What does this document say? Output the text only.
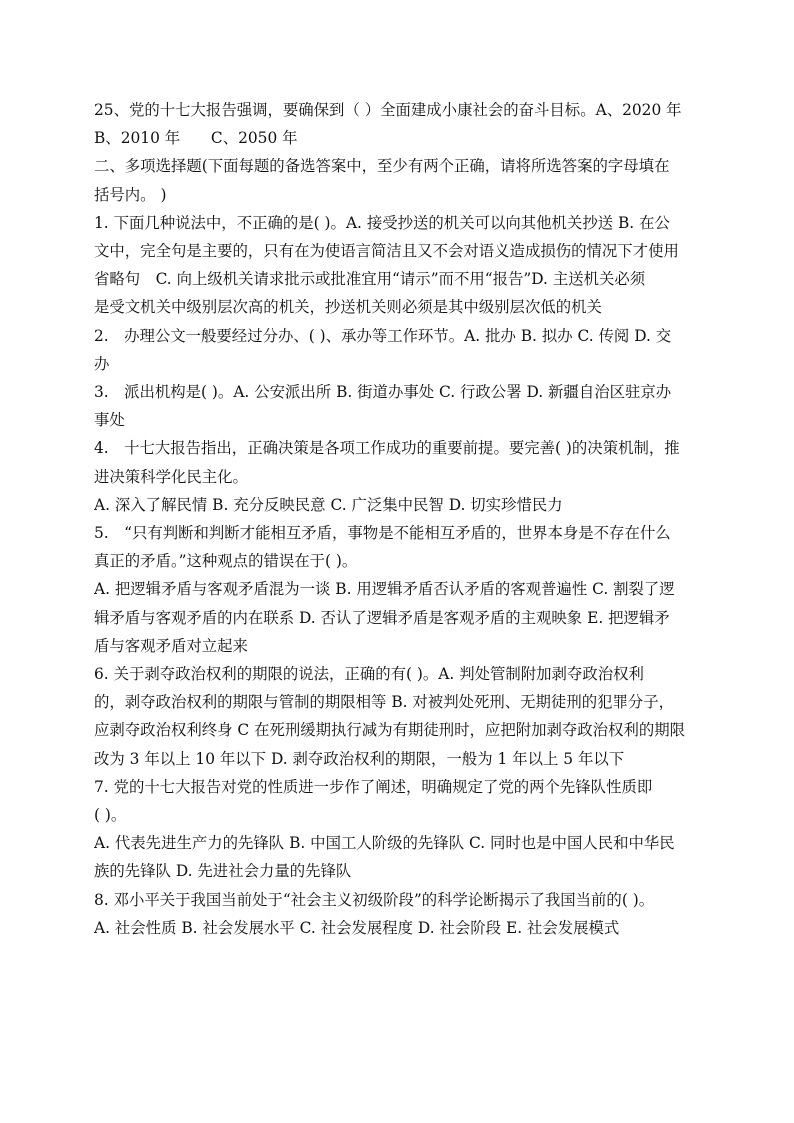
25、党的十七大报告强调，要确保到（ ）全面建成小康社会的奋斗目标。A、2020 年
B、2010 年　　C、2050 年
二、多项选择题(下面每题的备选答案中，至少有两个正确，请将所选答案的字母填在
括号内。 )
1. 下面几种说法中，不正确的是( )。A. 接受抄送的机关可以向其他机关抄送 B. 在公
文中，完全句是主要的，只有在为使语言简洁且又不会对语义造成损伤的情况下才使用
省略句　C. 向上级机关请求批示或批准宜用“请示”而不用“报告”D. 主送机关必须
是受文机关中级别层次高的机关，抄送机关则必须是其中级别层次低的机关
2.　办理公文一般要经过分办、( )、承办等工作环节。A. 批办 B. 拟办 C. 传阅 D. 交
办
3.　派出机构是( )。A. 公安派出所 B. 街道办事处 C. 行政公署 D. 新疆自治区驻京办
事处
4.　十七大报告指出，正确决策是各项工作成功的重要前提。要完善( )的决策机制，推
进决策科学化民主化。
A. 深入了解民情 B. 充分反映民意 C. 广泛集中民智 D. 切实珍惜民力
5.　“只有判断和判断才能相互矛盾，事物是不能相互矛盾的，世界本身是不存在什么
真正的矛盾。”这种观点的错误在于( )。
A. 把逻辑矛盾与客观矛盾混为一谈 B. 用逻辑矛盾否认矛盾的客观普遍性 C. 割裂了逻
辑矛盾与客观矛盾的内在联系 D. 否认了逻辑矛盾是客观矛盾的主观映象 E. 把逻辑矛
盾与客观矛盾对立起来
6. 关于剥夺政治权利的期限的说法，正确的有( )。A. 判处管制附加剥夺政治权利
的，剥夺政治权利的期限与管制的期限相等 B. 对被判处死刑、无期徒刑的犯罪分子，
应剥夺政治权利终身 C 在死刑缓期执行减为有期徒刑时，应把附加剥夺政治权利的期限
改为 3 年以上 10 年以下 D. 剥夺政治权利的期限，一般为 1 年以上 5 年以下
7. 党的十七大报告对党的性质进一步作了阐述，明确规定了党的两个先锋队性质即
( )。
A. 代表先进生产力的先锋队 B. 中国工人阶级的先锋队 C. 同时也是中国人民和中华民
族的先锋队 D. 先进社会力量的先锋队
8. 邓小平关于我国当前处于“社会主义初级阶段”的科学论断揭示了我国当前的( )。
A. 社会性质 B. 社会发展水平 C. 社会发展程度 D. 社会阶段 E. 社会发展模式
